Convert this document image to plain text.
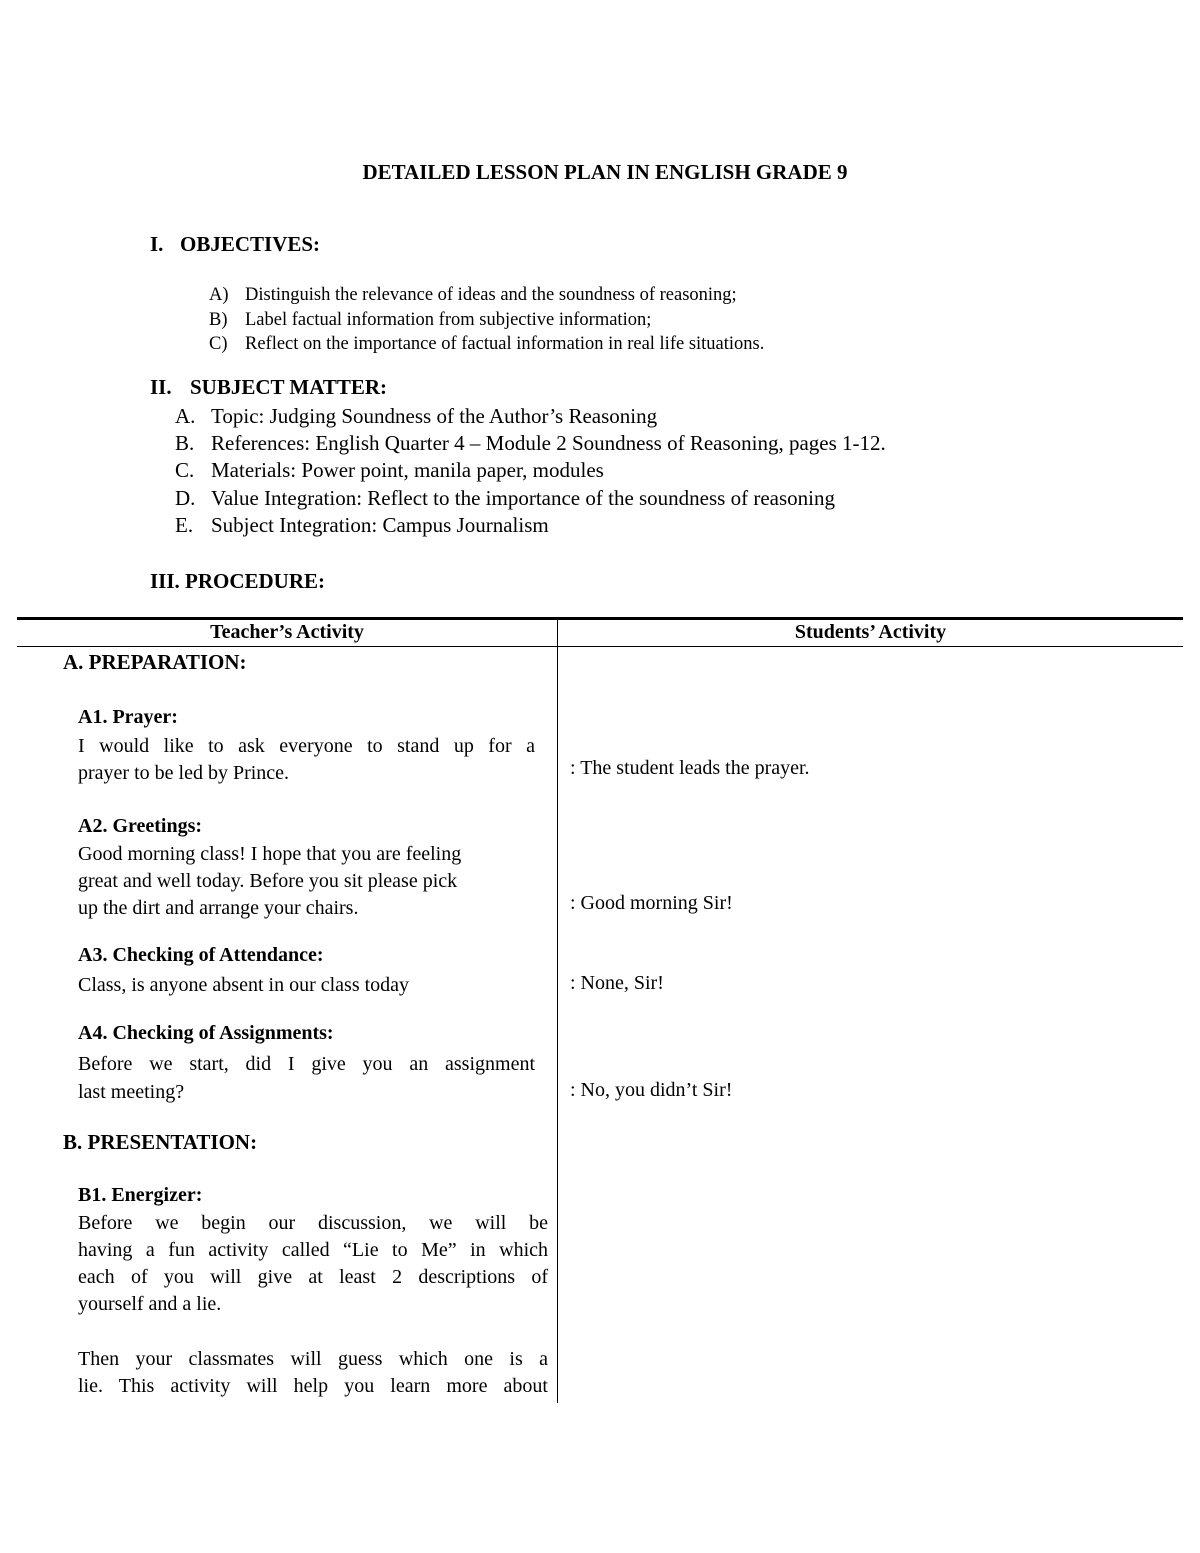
DETAILED LESSON PLAN IN ENGLISH GRADE 9
I. OBJECTIVES:
A) Distinguish the relevance of ideas and the soundness of reasoning;
B) Label factual information from subjective information;
C) Reflect on the importance of factual information in real life situations.
II. SUBJECT MATTER:
A. Topic: Judging Soundness of the Author’s Reasoning
B. References: English Quarter 4 – Module 2 Soundness of Reasoning, pages 1-12.
C. Materials: Power point, manila paper, modules
D. Value Integration: Reflect to the importance of the soundness of reasoning
E. Subject Integration: Campus Journalism
III. PROCEDURE:
Teacher’s Activity	Students’ Activity
A. PREPARATION:
A1. Prayer:
I would like to ask everyone to stand up for a
prayer to be led by Prince.	: The student leads the prayer.
A2. Greetings:
Good morning class! I hope that you are feeling
great and well today. Before you sit please pick
up the dirt and arrange your chairs.	: Good morning Sir!
A3. Checking of Attendance:
Class, is anyone absent in our class today	: None, Sir!
A4. Checking of Assignments:
Before we start, did I give you an assignment
last meeting?	: No, you didn’t Sir!
B. PRESENTATION:
B1. Energizer:
Before we begin our discussion, we will be
having a fun activity called “Lie to Me” in which
each of you will give at least 2 descriptions of
yourself and a lie.
Then your classmates will guess which one is a
lie. This activity will help you learn more about
